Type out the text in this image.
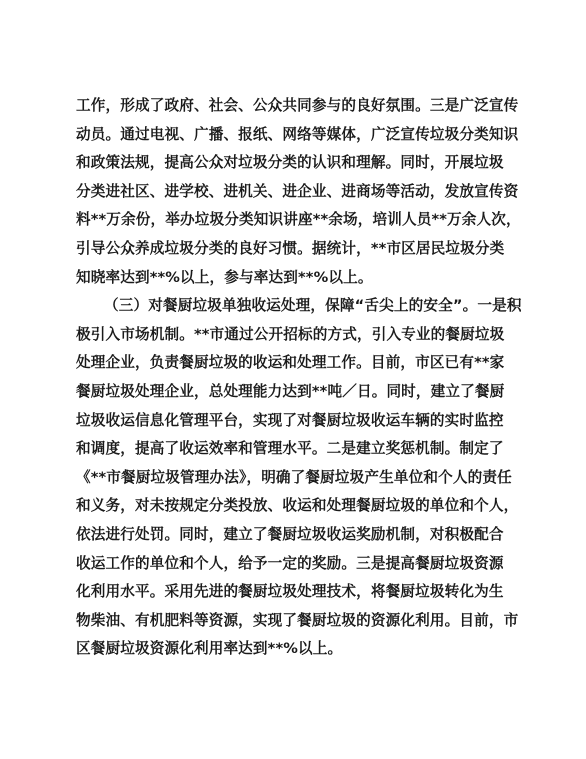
工作，形成了政府、社会、公众共同参与的良好氛围。三是广泛宣传
动员。通过电视、广播、报纸、网络等媒体，广泛宣传垃圾分类知识
和政策法规，提高公众对垃圾分类的认识和理解。同时，开展垃圾
分类进社区、进学校、进机关、进企业、进商场等活动，发放宣传资
料**万余份，举办垃圾分类知识讲座**余场，培训人员**万余人次，
引导公众养成垃圾分类的良好习惯。据统计，**市区居民垃圾分类
知晓率达到**%以上，参与率达到**%以上。
（三）对餐厨垃圾单独收运处理，保障“舌尖上的安全”。一是积
极引入市场机制。**市通过公开招标的方式，引入专业的餐厨垃圾
处理企业，负责餐厨垃圾的收运和处理工作。目前，市区已有**家
餐厨垃圾处理企业，总处理能力达到**吨／日。同时，建立了餐厨
垃圾收运信息化管理平台，实现了对餐厨垃圾收运车辆的实时监控
和调度，提高了收运效率和管理水平。二是建立奖惩机制。制定了
《**市餐厨垃圾管理办法》，明确了餐厨垃圾产生单位和个人的责任
和义务，对未按规定分类投放、收运和处理餐厨垃圾的单位和个人，
依法进行处罚。同时，建立了餐厨垃圾收运奖励机制，对积极配合
收运工作的单位和个人，给予一定的奖励。三是提高餐厨垃圾资源
化利用水平。采用先进的餐厨垃圾处理技术，将餐厨垃圾转化为生
物柴油、有机肥料等资源，实现了餐厨垃圾的资源化利用。目前，市
区餐厨垃圾资源化利用率达到**%以上。
